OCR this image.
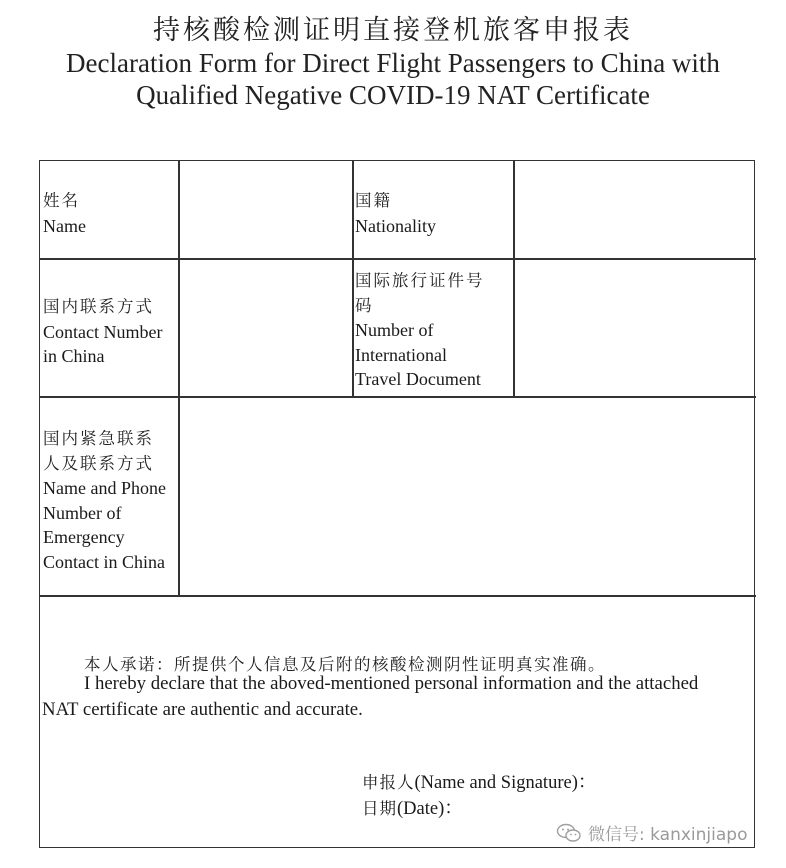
持核酸检测证明直接登机旅客申报表
Declaration Form for Direct Flight Passengers to China with
Qualified Negative COVID-19 NAT Certificate
姓名
Name
国籍
Nationality
国内联系方式
Contact Number
in China
国际旅行证件号
码
Number of
International
Travel Document
国内紧急联系
人及联系方式
Name and Phone
Number of
Emergency
Contact in China
本人承诺：所提供个人信息及后附的核酸检测阴性证明真实准确。
I hereby declare that the aboved-mentioned personal information and the attached
NAT certificate are authentic and accurate.
申报人(Name and Signature)：
日期(Date)：
微信号: kanxinjiapo
